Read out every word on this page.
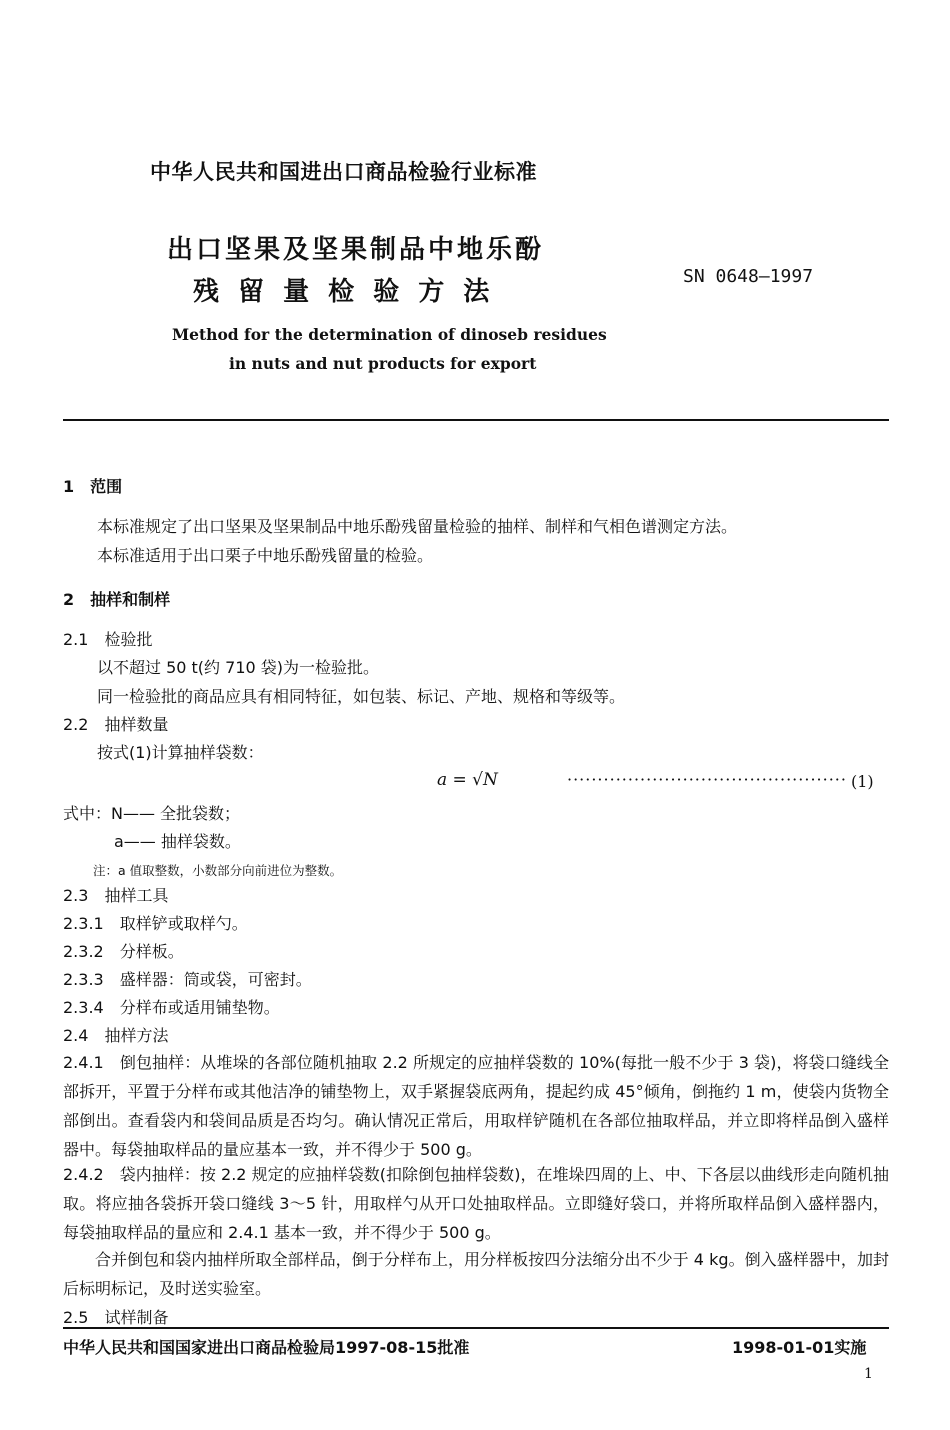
中华人民共和国进出口商品检验行业标准
出口坚果及坚果制品中地乐酚
残 留 量 检 验 方 法
SN 0648—1997
Method for the determination of dinoseb residues
in nuts and nut products for export
1　范围
本标准规定了出口坚果及坚果制品中地乐酚残留量检验的抽样、制样和气相色谱测定方法。
本标准适用于出口栗子中地乐酚残留量的检验。
2　抽样和制样
2.1　检验批
以不超过 50 t(约 710 袋)为一检验批。
同一检验批的商品应具有相同特征，如包装、标记、产地、规格和等级等。
2.2　抽样数量
按式(1)计算抽样袋数：
a = √N	·············································· (1)
式中：N—— 全批袋数；
a—— 抽样袋数。
注：a 值取整数，小数部分向前进位为整数。
2.3　抽样工具
2.3.1　取样铲或取样勺。
2.3.2　分样板。
2.3.3　盛样器：筒或袋，可密封。
2.3.4　分样布或适用铺垫物。
2.4　抽样方法
2.4.1　倒包抽样：从堆垛的各部位随机抽取 2.2 所规定的应抽样袋数的 10%(每批一般不少于 3 袋)，将袋口缝线全部拆开，平置于分样布或其他洁净的铺垫物上，双手紧握袋底两角，提起约成 45°倾角，倒拖约 1 m，使袋内货物全部倒出。查看袋内和袋间品质是否均匀。确认情况正常后，用取样铲随机在各部位抽取样品，并立即将样品倒入盛样器中。每袋抽取样品的量应基本一致，并不得少于 500 g。
2.4.2　袋内抽样：按 2.2 规定的应抽样袋数(扣除倒包抽样袋数)，在堆垛四周的上、中、下各层以曲线形走向随机抽取。将应抽各袋拆开袋口缝线 3～5 针，用取样勺从开口处抽取样品。立即缝好袋口，并将所取样品倒入盛样器内，每袋抽取样品的量应和 2.4.1 基本一致，并不得少于 500 g。
合并倒包和袋内抽样所取全部样品，倒于分样布上，用分样板按四分法缩分出不少于 4 kg。倒入盛样器中，加封后标明标记，及时送实验室。
2.5　试样制备
中华人民共和国国家进出口商品检验局1997-08-15批准	1998-01-01实施
1
